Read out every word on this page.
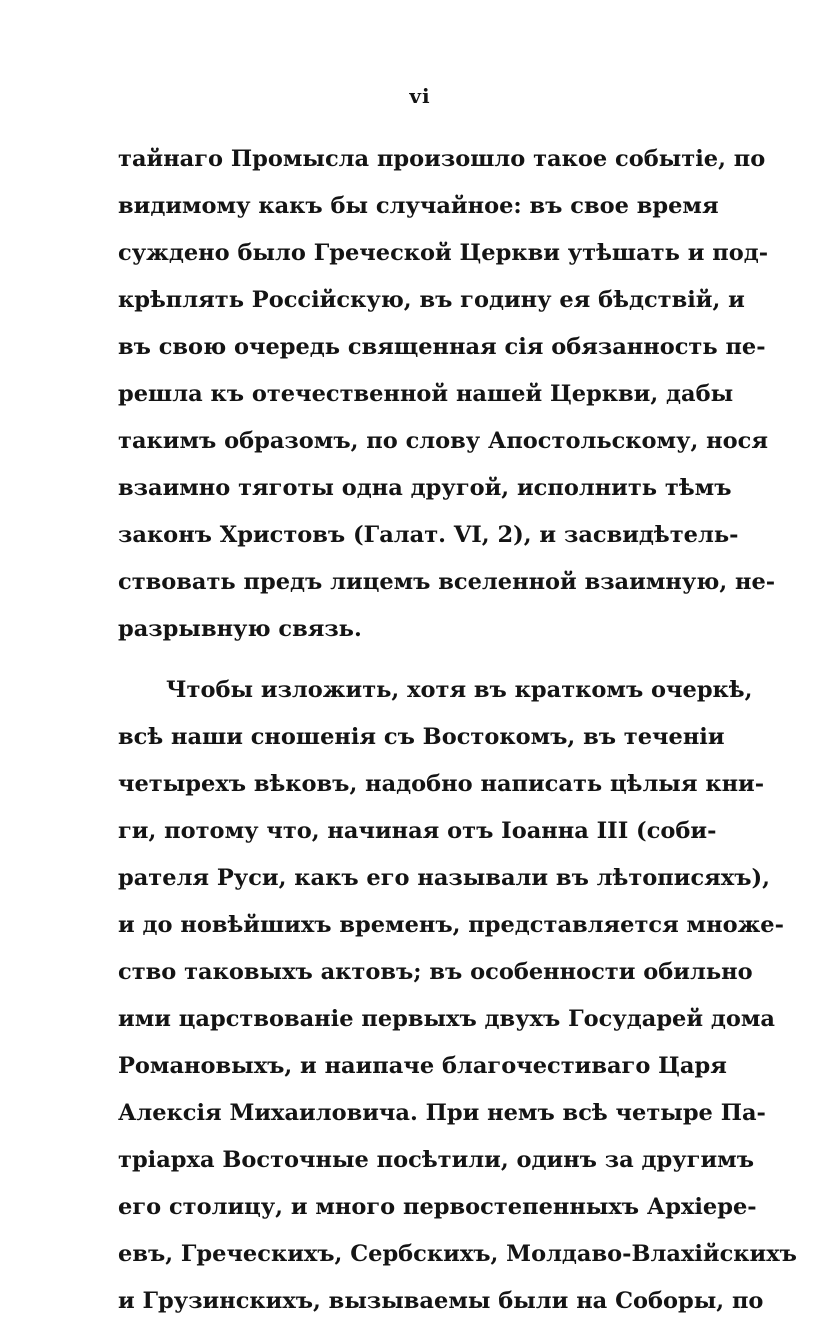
vi
тайнаго Промысла произошло такое событіе, по
видимому какъ бы случайное: въ свое время
суждено было Греческой Церкви утѣшать и под-
крѣплять Россійскую, въ годину ея бѣдствій, и
въ свою очередь священная сія обязанность пе-
решла къ отечественной нашей Церкви, дабы
такимъ образомъ, по слову Апостольскому, нося
взаимно тяготы одна другой, исполнить тѣмъ
законъ Христовъ (Галат. VI, 2), и засвидѣтель-
ствовать предъ лицемъ вселенной взаимную, не-
разрывную связь.
Чтобы изложить, хотя въ краткомъ очеркѣ,
всѣ наши сношенія съ Востокомъ, въ теченіи
четырехъ вѣковъ, надобно написать цѣлыя кни-
ги, потому что, начиная отъ Іоанна III (соби-
рателя Руси, какъ его называли въ лѣтописяхъ),
и до новѣйшихъ временъ, представляется множе-
ство таковыхъ актовъ; въ особенности обильно
ими царствованіе первыхъ двухъ Государей дома
Романовыхъ, и наипаче благочестиваго Царя
Алексія Михаиловича. При немъ всѣ четыре Па-
тріарха Восточные посѣтили, одинъ за другимъ
его столицу, и много первостепенныхъ Архіере-
евъ, Греческихъ, Сербскихъ, Молдаво-Влахійскихъ
и Грузинскихъ, вызываемы были на Соборы, по
